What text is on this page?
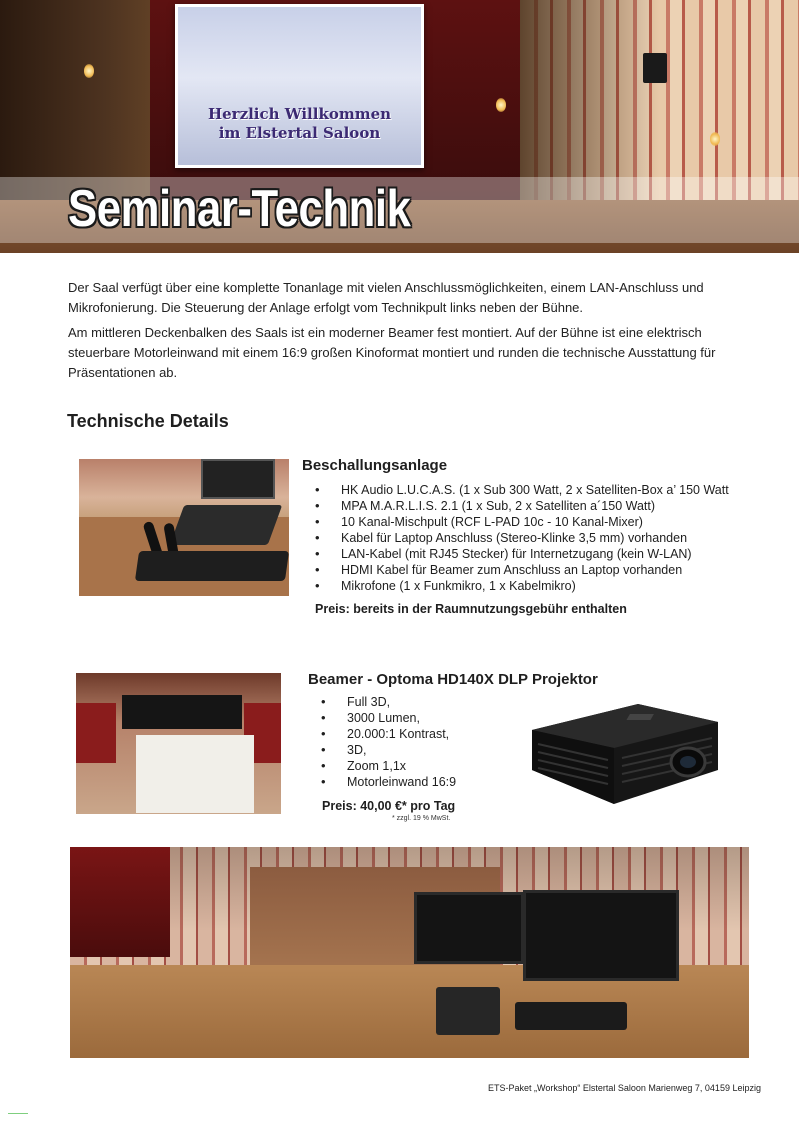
Herzlich Willkommen
im Elstertal Saloon
Seminar-Technik

Der Saal verfügt über eine komplette Tonanlage mit vielen Anschlussmöglichkeiten, einem LAN-Anschluss und Mikrofonierung. Die Steuerung der Anlage erfolgt vom Technikpult links neben der Bühne.

Am mittleren Deckenbalken des Saals ist ein moderner Beamer fest montiert. Auf der Bühne ist eine elektrisch steuerbare Motorleinwand mit einem 16:9 großen Kinoformat montiert und runden die technische Ausstattung für Präsentationen ab.

Technische Details
Beschallungsanlage
• HK Audio L.U.C.A.S. (1 x Sub 300 Watt, 2 x Satelliten-Box a’ 150 Watt
• MPA M.A.R.L.I.S. 2.1 (1 x Sub, 2 x Satelliten a´150 Watt)
• 10 Kanal-Mischpult (RCF L-PAD 10c - 10 Kanal-Mixer)
• Kabel für Laptop Anschluss (Stereo-Klinke 3,5 mm) vorhanden
• LAN-Kabel (mit RJ45 Stecker) für Internetzugang (kein W-LAN)
• HDMI Kabel für Beamer zum Anschluss an Laptop vorhanden
• Mikrofone (1 x Funkmikro, 1 x Kabelmikro)
Preis: bereits in der Raumnutzungsgebühr enthalten
Beamer - Optoma HD140X DLP Projektor
• Full 3D,
• 3000 Lumen,
• 20.000:1 Kontrast,
• 3D,
• Zoom 1,1x
• Motorleinwand 16:9
Preis: 40,00 €* pro Tag
* zzgl. 19 % MwSt.
ETS-Paket „Workshop“ Elstertal Saloon Marienweg 7, 04159 Leipzig
